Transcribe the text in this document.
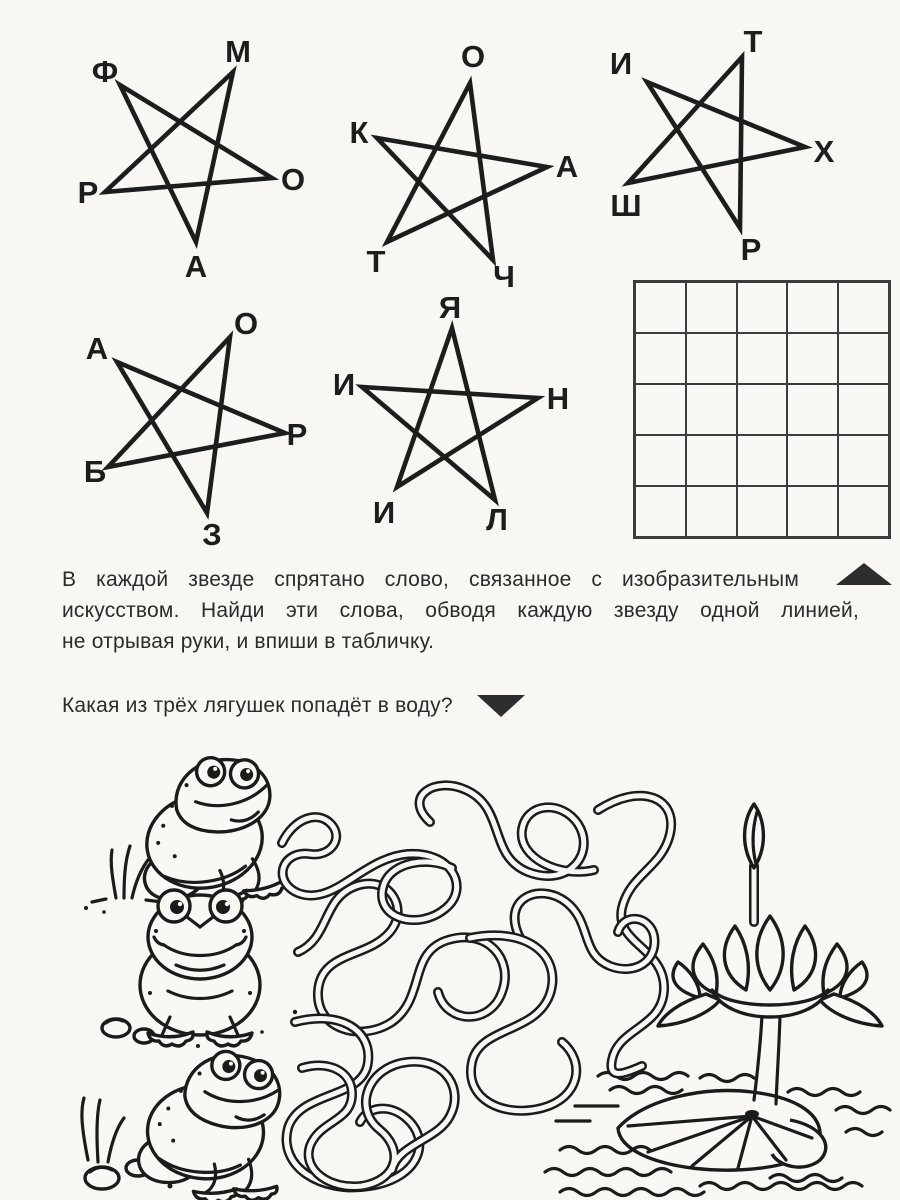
Ф
М
О
Р
А
О
К
А
Т	Ч
И
Т
Х
Ш
Р
А
О
Р
Б
З
Я
И	Н
И	Л
В каждой звезде спрятано слово, связанное с изобразительным
искусством. Найди эти слова, обводя каждую звезду одной линией,
не отрывая руки, и впиши в табличку.
Какая из трёх лягушек попадёт в воду?
